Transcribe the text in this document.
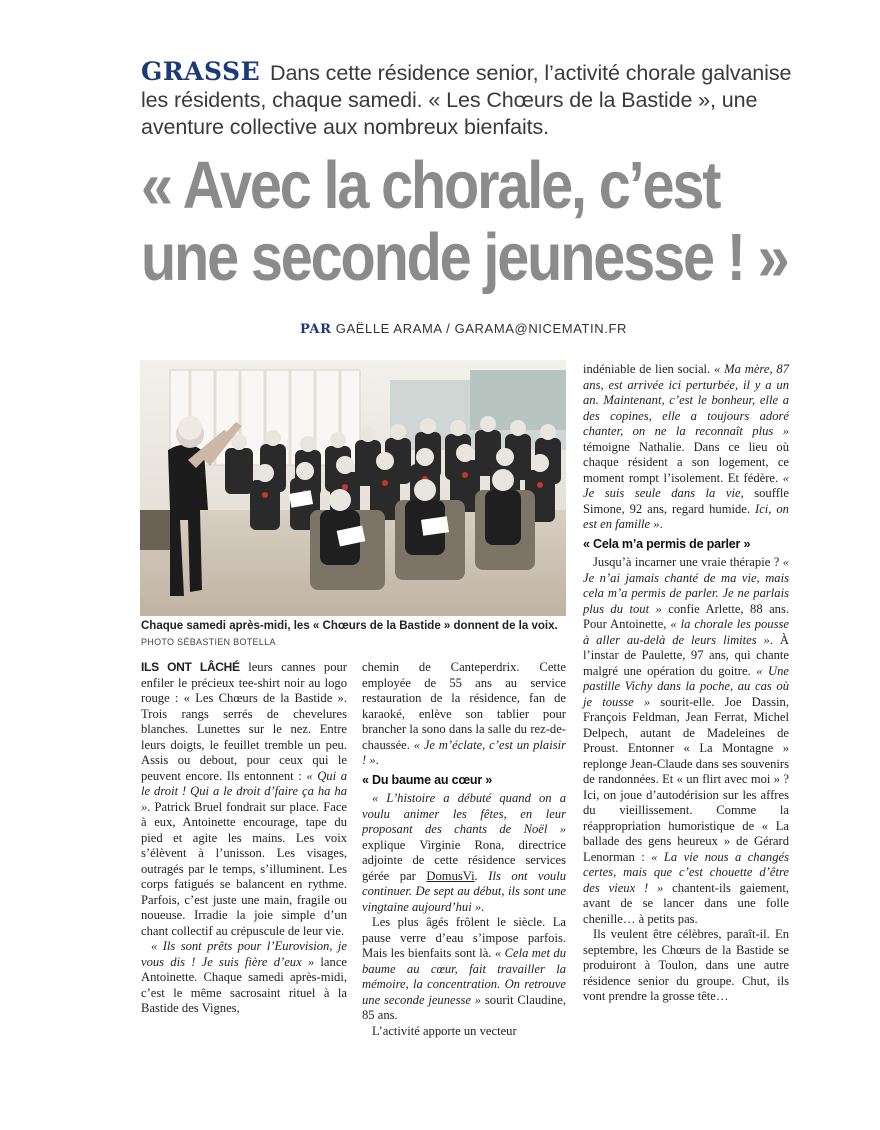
GRASSE Dans cette résidence senior, l’activité chorale galvanise les résidents, chaque samedi. « Les Chœurs de la Bastide », une aventure collective aux nombreux bienfaits.
« Avec la chorale, c’est
une seconde jeunesse ! »
PAR GAËLLE ARAMA / GARAMA@NICEMATIN.FR
Chaque samedi après-midi, les « Chœurs de la Bastide » donnent de la voix.
PHOTO SÉBASTIEN BOTELLA

ILS ONT LÂCHÉ leurs cannes pour enfiler le précieux tee-shirt noir au logo rouge : « Les Chœurs de la Bastide ». Trois rangs serrés de chevelures blanches. Lunettes sur le nez. Entre leurs doigts, le feuillet tremble un peu. Assis ou debout, pour ceux qui le peuvent encore. Ils entonnent : « Qui a le droit ! Qui a le droit d’faire ça ha ha ». Patrick Bruel fondrait sur place. Face à eux, Antoinette encourage, tape du pied et agite les mains. Les voix s’élèvent à l’unisson. Les visages, outragés par le temps, s’illuminent. Les corps fatigués se balancent en rythme. Parfois, c’est juste une main, fragile ou noueuse. Irradie la joie simple d’un chant collectif au crépuscule de leur vie.

« Ils sont prêts pour l’Eurovision, je vous dis ! Je suis fière d’eux » lance Antoinette. Chaque samedi après-midi, c’est le même sacrosaint rituel à la Bastide des Vignes,

chemin de Canteperdrix. Cette employée de 55 ans au service restauration de la résidence, fan de karaoké, enlève son tablier pour brancher la sono dans la salle du rez-de-chaussée. « Je m’éclate, c’est un plaisir ! ».

« Du baume au cœur »

« L’histoire a débuté quand on a voulu animer les fêtes, en leur proposant des chants de Noël » explique Virginie Rona, directrice adjointe de cette résidence services gérée par DomusVi. Ils ont voulu continuer. De sept au début, ils sont une vingtaine aujourd’hui ».

Les plus âgés frôlent le siècle. La pause verre d’eau s’impose parfois. Mais les bienfaits sont là. « Cela met du baume au cœur, fait travailler la mémoire, la concentration. On retrouve une seconde jeunesse » sourit Claudine, 85 ans.

L’activité apporte un vecteur

indéniable de lien social. « Ma mère, 87 ans, est arrivée ici perturbée, il y a un an. Maintenant, c’est le bonheur, elle a des copines, elle a toujours adoré chanter, on ne la reconnaît plus » témoigne Nathalie. Dans ce lieu où chaque résident a son logement, ce moment rompt l’isolement. Et fédère. « Je suis seule dans la vie, souffle Simone, 92 ans, regard humide. Ici, on est en famille ».

« Cela m’a permis de parler »

Jusqu’à incarner une vraie thérapie ? « Je n’ai jamais chanté de ma vie, mais cela m’a permis de parler. Je ne parlais plus du tout » confie Arlette, 88 ans. Pour Antoinette, « la chorale les pousse à aller au-delà de leurs limites ». À l’instar de Paulette, 97 ans, qui chante malgré une opération du goitre. « Une pastille Vichy dans la poche, au cas où je tousse » sourit-elle. Joe Dassin, François Feldman, Jean Ferrat, Michel Delpech, autant de Madeleines de Proust. Entonner « La Montagne » replonge Jean-Claude dans ses souvenirs de randonnées. Et « un flirt avec moi » ? Ici, on joue d’autodérision sur les affres du vieillissement. Comme la réappropriation humoristique de « La ballade des gens heureux » de Gérard Lenorman : « La vie nous a changés certes, mais que c’est chouette d’être des vieux ! » chantent-ils gaiement, avant de se lancer dans une folle chenille… à petits pas.

Ils veulent être célèbres, paraît-il. En septembre, les Chœurs de la Bastide se produiront à Toulon, dans une autre résidence senior du groupe. Chut, ils vont prendre la grosse tête…
